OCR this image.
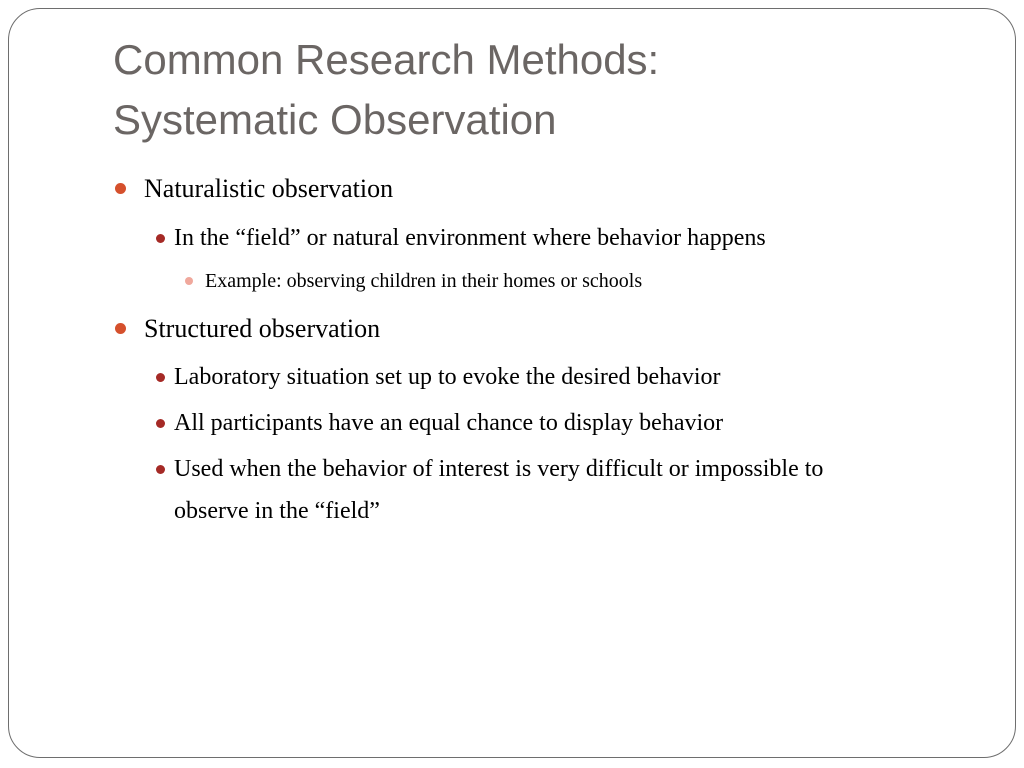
Common Research Methods:
Systematic Observation

Naturalistic observation

In the “field” or natural environment where behavior happens

Example: observing children in their homes or schools

Structured observation

Laboratory situation set up to evoke the desired behavior

All participants have an equal chance to display behavior

Used when the behavior of interest is very difficult or impossible to observe in the “field”
